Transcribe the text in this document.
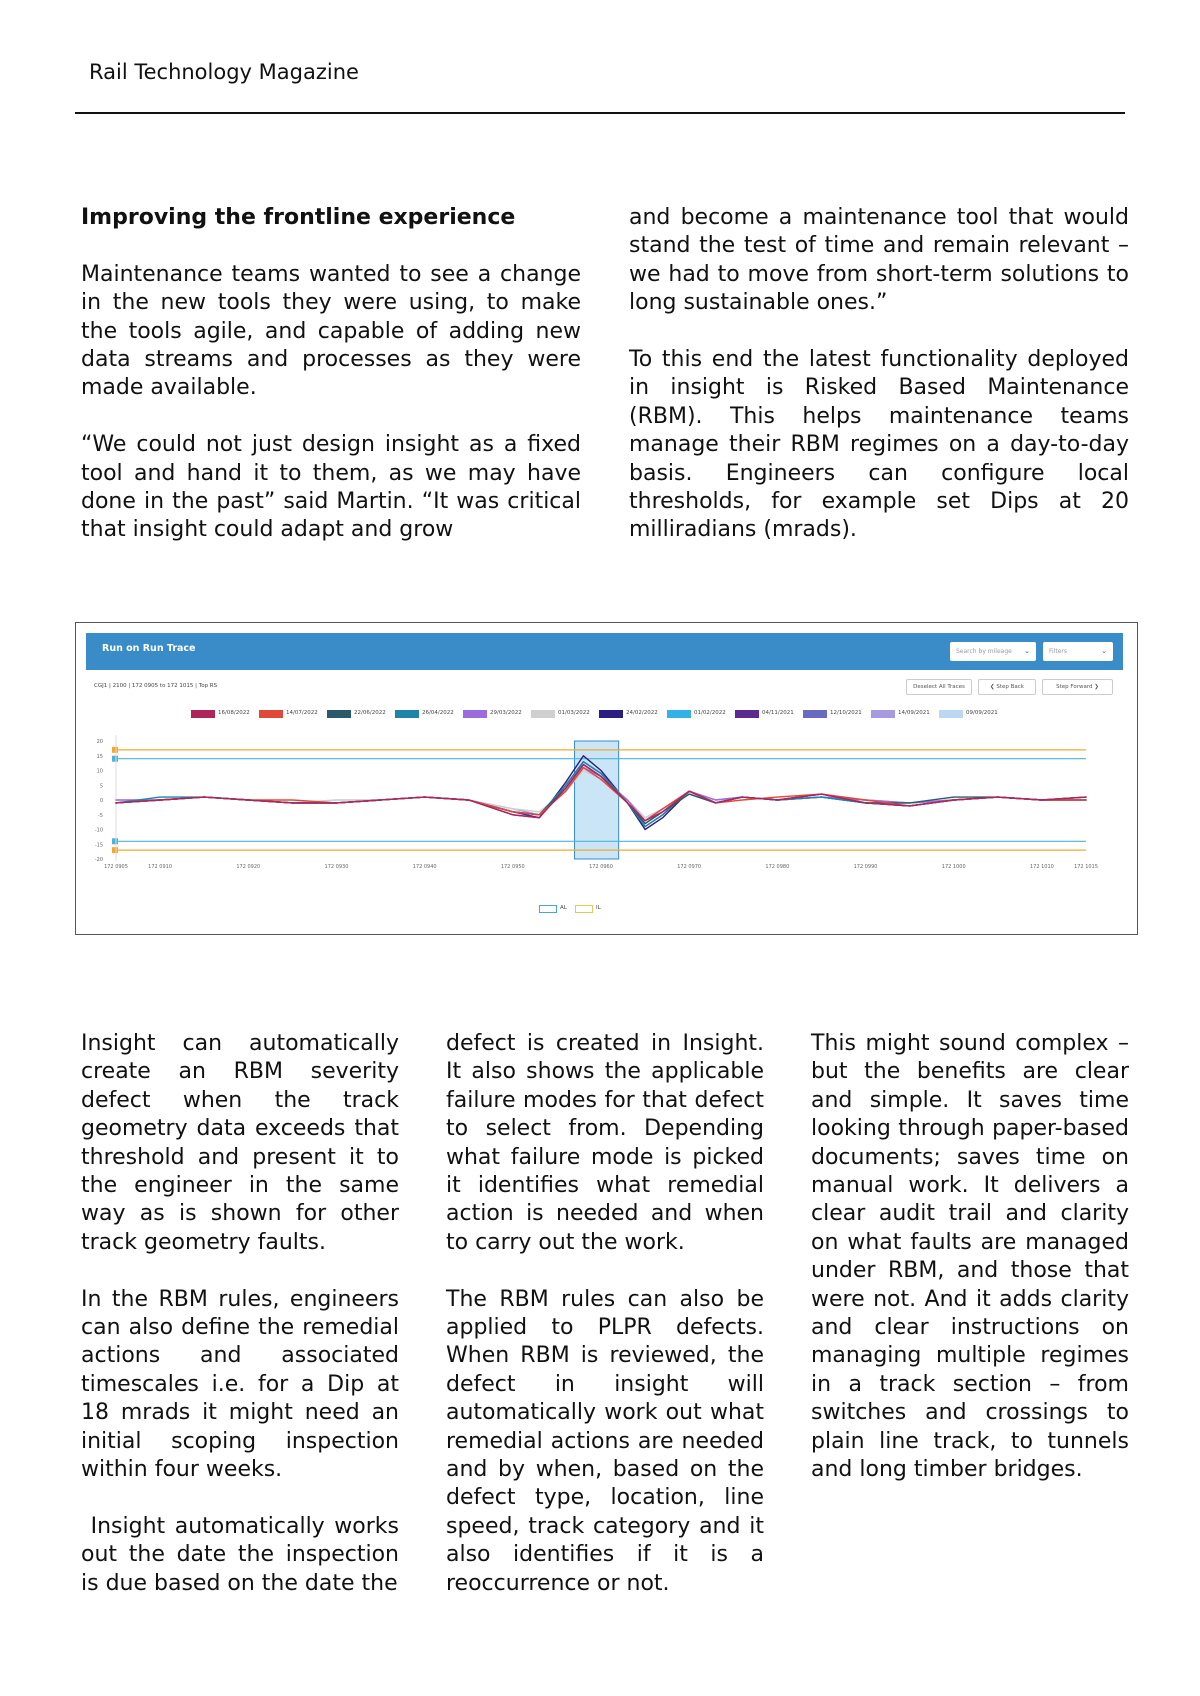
Rail Technology Magazine
Improving the frontline experience

Maintenance teams wanted to see a change in the new tools they were using, to make the tools agile, and capable of adding new data streams and processes as they were made available.

“We could not just design insight as a fixed tool and hand it to them, as we may have done in the past” said Martin. “It was critical that insight could adapt and grow

and become a maintenance tool that would stand the test of time and remain relevant – we had to move from short-term solutions to long sustainable ones.”

To this end the latest functionality deployed in insight is Risked Based Maintenance (RBM). This helps maintenance teams manage their RBM regimes on a day-to-day basis. Engineers can configure local thresholds, for example set Dips at 20 milliradians (mrads).

Run on Run Trace	Search by mileage ⌄	Filters	⌄
CGJ1 | 2100 | 172 0905 to 172 1015 | Top RS	Deselect All Traces	❮ Step Back	Step Forward ❯
16/08/2022	14/07/2022	22/06/2022	26/04/2022	29/03/2022	01/03/2022	24/02/2022	01/02/2022	04/11/2021	12/10/2021	14/09/2021	09/09/2021
20
15
10
5
0
-5
-10
-15
-20
172 0905	172 0910	172 0920	172 0930	172 0940	172 0950	172 0960	172 0970	172 0980	172 0990	172 1000	172 1010	172 1015
AL	IL

Insight can automatically create an RBM severity defect when the track geometry data exceeds that threshold and present it to the engineer in the same way as is shown for other track geometry faults.

In the RBM rules, engineers can also define the remedial actions and associated timescales i.e. for a Dip at 18 mrads it might need an initial scoping inspection within four weeks.

Insight automatically works out the date the inspection is due based on the date the

defect is created in Insight. It also shows the applicable failure modes for that defect to select from. Depending what failure mode is picked it identifies what remedial action is needed and when to carry out the work.

The RBM rules can also be applied to PLPR defects. When RBM is reviewed, the defect in insight will automatically work out what remedial actions are needed and by when, based on the defect type, location, line speed, track category and it also identifies if it is a reoccurrence or not.

This might sound complex – but the benefits are clear and simple. It saves time looking through paper-based documents; saves time on manual work. It delivers a clear audit trail and clarity on what faults are managed under RBM, and those that were not. And it adds clarity and clear instructions on managing multiple regimes in a track section – from switches and crossings to plain line track, to tunnels and long timber bridges.
